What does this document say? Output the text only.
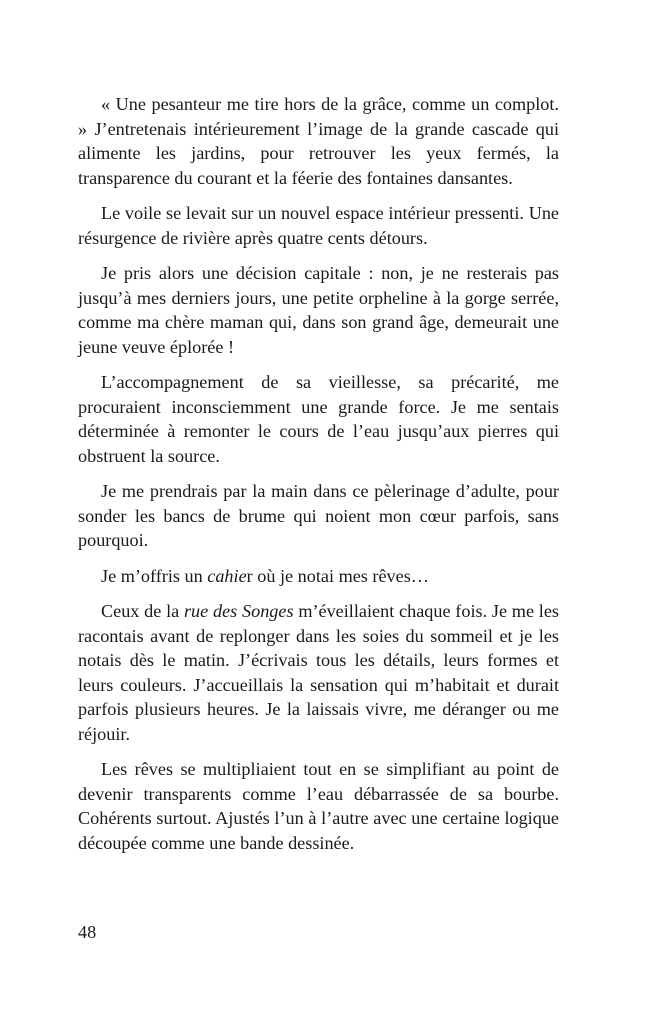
« Une pesanteur me tire hors de la grâce, comme un complot. » J’entretenais intérieurement l’image de la grande cascade qui alimente les jardins, pour retrouver les yeux fermés, la transparence du courant et la féerie des fontaines dansantes.

Le voile se levait sur un nouvel espace intérieur pressenti. Une résurgence de rivière après quatre cents détours.

Je pris alors une décision capitale : non, je ne resterais pas jusqu’à mes derniers jours, une petite orpheline à la gorge serrée, comme ma chère maman qui, dans son grand âge, demeurait une jeune veuve éplorée !

L’accompagnement de sa vieillesse, sa précarité, me procuraient inconsciemment une grande force. Je me sentais déterminée à remonter le cours de l’eau jusqu’aux pierres qui obstruent la source.

Je me prendrais par la main dans ce pèlerinage d’adulte, pour sonder les bancs de brume qui noient mon cœur parfois, sans pourquoi.

Je m’offris un cahier où je notai mes rêves…

Ceux de la rue des Songes m’éveillaient chaque fois. Je me les racontais avant de replonger dans les soies du sommeil et je les notais dès le matin. J’écrivais tous les détails, leurs formes et leurs couleurs. J’accueillais la sensation qui m’habitait et durait parfois plusieurs heures. Je la laissais vivre, me déranger ou me réjouir.

Les rêves se multipliaient tout en se simplifiant au point de devenir transparents comme l’eau débarrassée de sa bourbe. Cohérents surtout. Ajustés l’un à l’autre avec une certaine logique découpée comme une bande dessinée.

48
